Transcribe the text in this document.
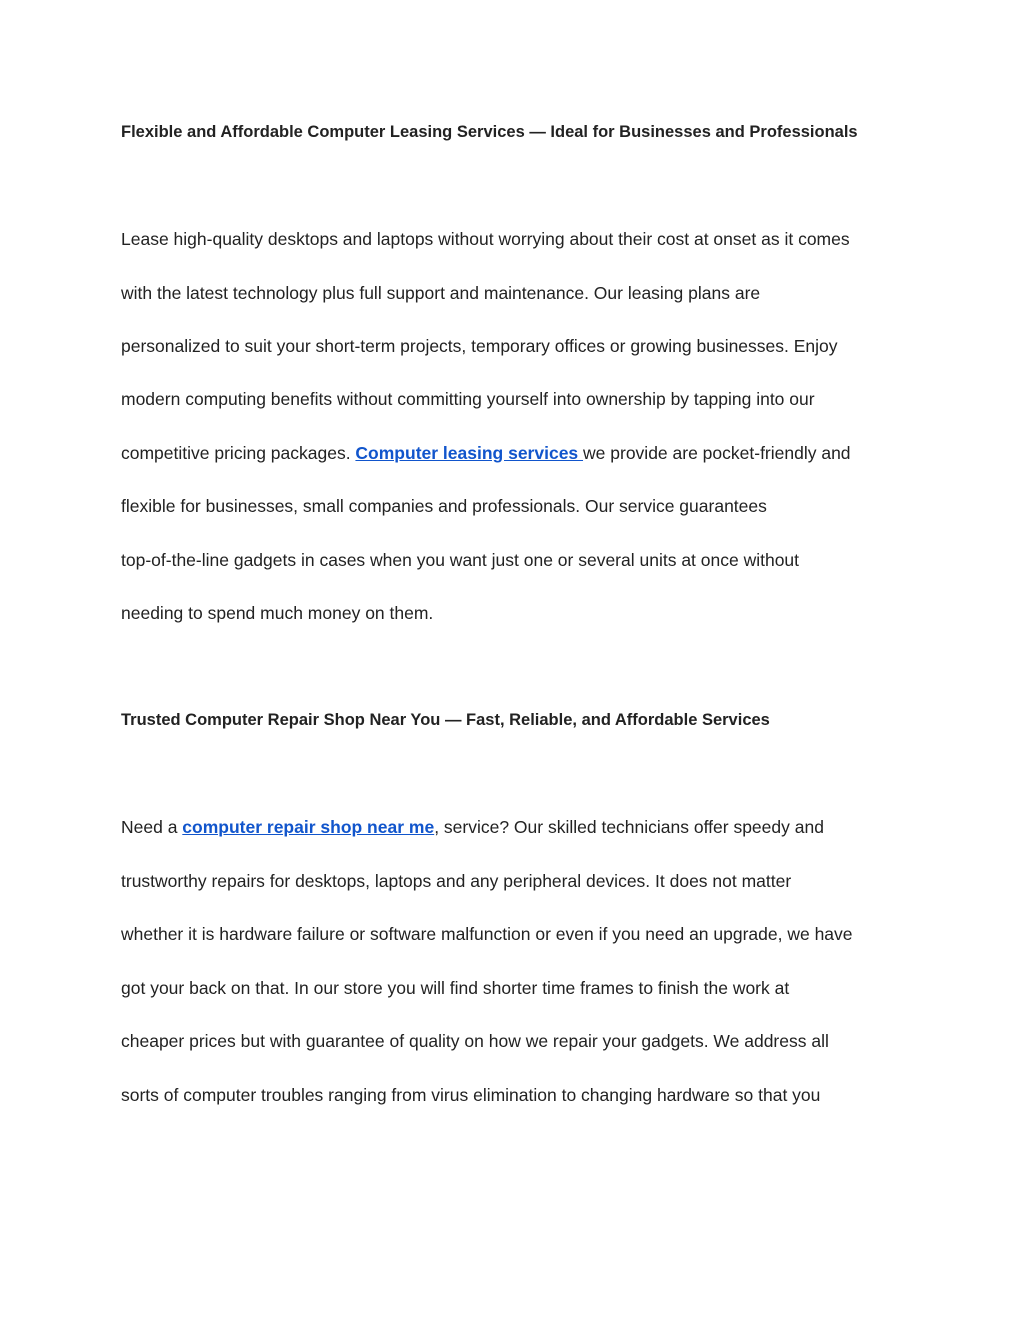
Flexible and Affordable Computer Leasing Services — Ideal for Businesses and Professionals

Lease high-quality desktops and laptops without worrying about their cost at onset as it comes

with the latest technology plus full support and maintenance. Our leasing plans are

personalized to suit your short-term projects, temporary offices or growing businesses. Enjoy

modern computing benefits without committing yourself into ownership by tapping into our

competitive pricing packages. Computer leasing services we provide are pocket-friendly and

flexible for businesses, small companies and professionals. Our service guarantees

top-of-the-line gadgets in cases when you want just one or several units at once without

needing to spend much money on them.

Trusted Computer Repair Shop Near You — Fast, Reliable, and Affordable Services

Need a computer repair shop near me, service? Our skilled technicians offer speedy and

trustworthy repairs for desktops, laptops and any peripheral devices. It does not matter

whether it is hardware failure or software malfunction or even if you need an upgrade, we have

got your back on that. In our store you will find shorter time frames to finish the work at

cheaper prices but with guarantee of quality on how we repair your gadgets. We address all

sorts of computer troubles ranging from virus elimination to changing hardware so that you
